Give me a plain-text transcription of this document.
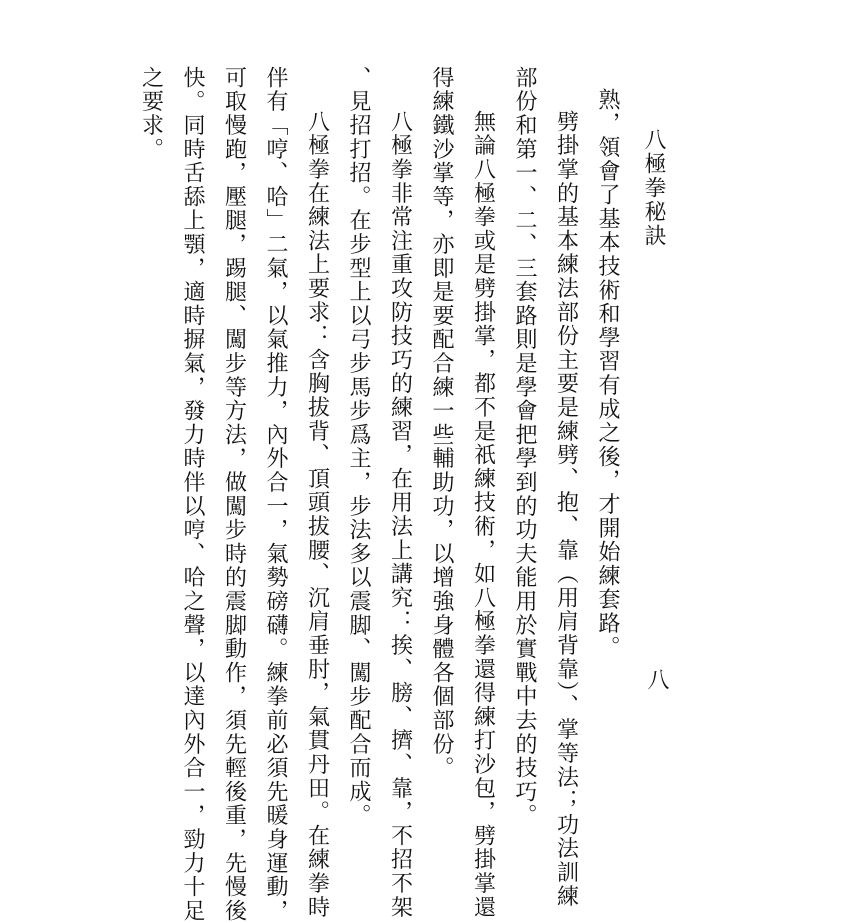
八極拳秘訣
八
熟，領會了基本技術和學習有成之後，才開始練套路。
劈掛掌的基本練法部份主要是練劈、抱、靠（用肩背靠）、掌等法；功法訓練
部份和第一、二、三套路則是學會把學到的功夫能用於實戰中去的技巧。
無論八極拳或是劈掛掌，都不是祇練技術，如八極拳還得練打沙包，劈掛掌還
得練鐵沙掌等，亦即是要配合練一些輔助功，以增強身體各個部份。
八極拳非常注重攻防技巧的練習，在用法上講究：挨、膀、擠、靠，不招不架
、見招打招。在步型上以弓步馬步爲主，步法多以震脚、闖步配合而成。
八極拳在練法上要求：含胸拔背、頂頭拔腰、沉肩垂肘，氣貫丹田。在練拳時
伴有「哼、哈」二氣，以氣推力，內外合一，氣勢磅礴。練拳前必須先暖身運動，
可取慢跑，壓腿，踢腿、闖步等方法，做闖步時的震脚動作，須先輕後重，先慢後
快。同時舌舔上顎，適時摒氣，發力時伴以哼、哈之聲，以達內外合一，勁力十足
之要求。
